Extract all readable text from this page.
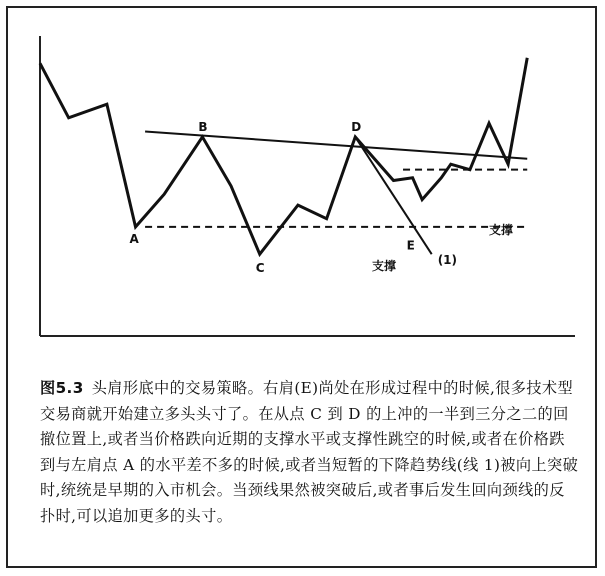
A
B
C
D
E
支撑
支撑
(1)
图5.3 头肩形底中的交易策略。右肩(E)尚处在形成过程中的时候,很多技术型交易商就开始建立多头头寸了。在从点 C 到 D 的上冲的一半到三分之二的回撤位置上,或者当价格跌向近期的支撑水平或支撑性跳空的时候,或者在价格跌到与左肩点 A 的水平差不多的时候,或者当短暂的下降趋势线(线 1)被向上突破时,统统是早期的入市机会。当颈线果然被突破后,或者事后发生回向颈线的反扑时,可以追加更多的头寸。
